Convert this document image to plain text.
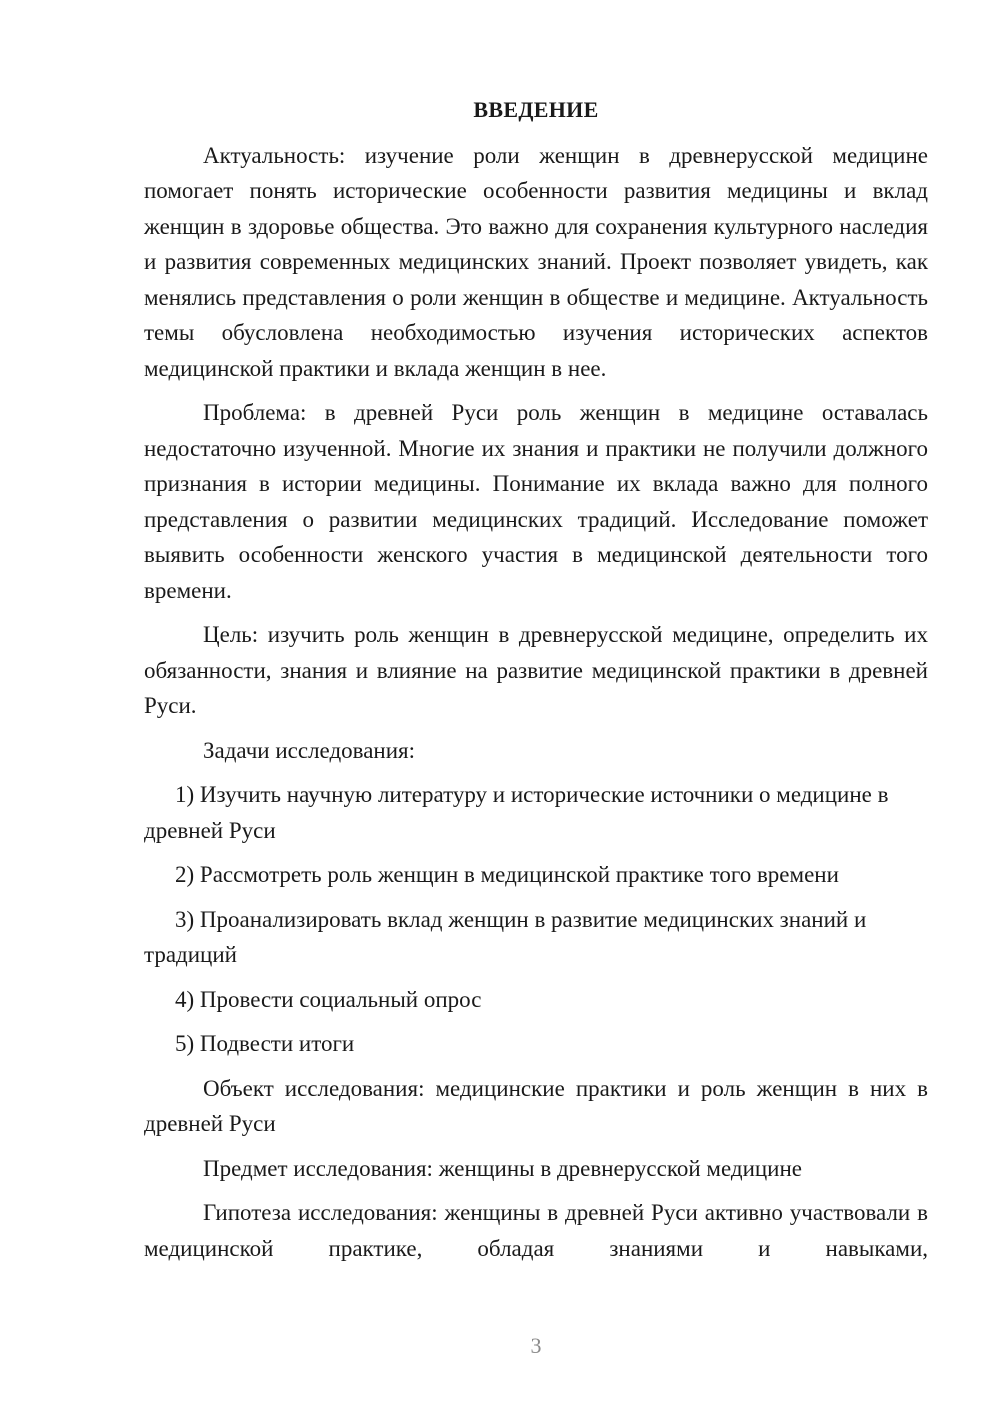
ВВЕДЕНИЕ

Актуальность: изучение роли женщин в древнерусской медицине помогает понять исторические особенности развития медицины и вклад женщин в здоровье общества. Это важно для сохранения культурного наследия и развития современных медицинских знаний. Проект позволяет увидеть, как менялись представления о роли женщин в обществе и медицине. Актуальность темы обусловлена необходимостью изучения исторических аспектов медицинской практики и вклада женщин в нее.

Проблема: в древней Руси роль женщин в медицине оставалась недостаточно изученной. Многие их знания и практики не получили должного признания в истории медицины. Понимание их вклада важно для полного представления о развитии медицинских традиций. Исследование поможет выявить особенности женского участия в медицинской деятельности того времени.

Цель: изучить роль женщин в древнерусской медицине, определить их обязанности, знания и влияние на развитие медицинской практики в древней Руси.

Задачи исследования:

1) Изучить научную литературу и исторические источники о медицине в древней Руси

2) Рассмотреть роль женщин в медицинской практике того времени

3) Проанализировать вклад женщин в развитие медицинских знаний и традиций

4) Провести социальный опрос

5) Подвести итоги

Объект исследования: медицинские практики и роль женщин в них в древней Руси

Предмет исследования: женщины в древнерусской медицине

Гипотеза исследования: женщины в древней Руси активно участвовали в медицинской практике, обладая знаниями и навыками,

3
